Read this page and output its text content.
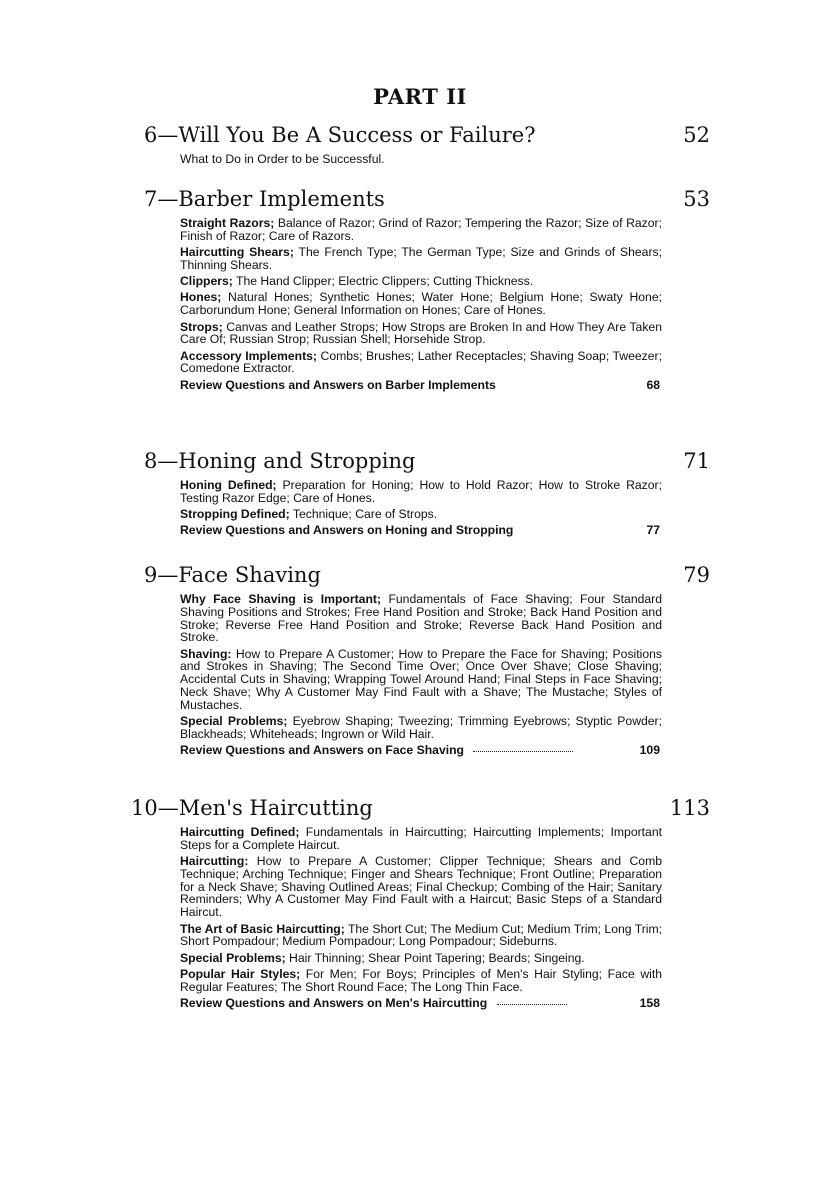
PART II
6—Will You Be A Success or Failure?	52
What to Do in Order to be Successful.
7—Barber Implements	53
Straight Razors; Balance of Razor; Grind of Razor; Tempering the Razor; Size of Razor; Finish of Razor; Care of Razors.
Haircutting Shears; The French Type; The German Type; Size and Grinds of Shears; Thinning Shears.
Clippers; The Hand Clipper; Electric Clippers; Cutting Thickness.
Hones; Natural Hones; Synthetic Hones; Water Hone; Belgium Hone; Swaty Hone; Carborundum Hone; General Information on Hones; Care of Hones.
Strops; Canvas and Leather Strops; How Strops are Broken In and How They Are Taken Care Of; Russian Strop; Russian Shell; Horsehide Strop.
Accessory Implements; Combs; Brushes; Lather Receptacles; Shaving Soap; Tweezer; Comedone Extractor.
Review Questions and Answers on Barber Implements	68
8—Honing and Stropping	71
Honing Defined; Preparation for Honing; How to Hold Razor; How to Stroke Razor; Testing Razor Edge; Care of Hones.
Stropping Defined; Technique; Care of Strops.
Review Questions and Answers on Honing and Stropping	77
9—Face Shaving	79
Why Face Shaving is Important; Fundamentals of Face Shaving; Four Standard Shaving Positions and Strokes; Free Hand Position and Stroke; Back Hand Position and Stroke; Reverse Free Hand Position and Stroke; Reverse Back Hand Position and Stroke.
Shaving: How to Prepare A Customer; How to Prepare the Face for Shaving; Positions and Strokes in Shaving; The Second Time Over; Once Over Shave; Close Shaving; Accidental Cuts in Shaving; Wrapping Towel Around Hand; Final Steps in Face Shaving; Neck Shave; Why A Customer May Find Fault with a Shave; The Mustache; Styles of Mustaches.
Special Problems; Eyebrow Shaping; Tweezing; Trimming Eyebrows; Styptic Powder; Blackheads; Whiteheads; Ingrown or Wild Hair.
Review Questions and Answers on Face Shaving	109
10—Men's Haircutting	113
Haircutting Defined; Fundamentals in Haircutting; Haircutting Implements; Important Steps for a Complete Haircut.
Haircutting: How to Prepare A Customer; Clipper Technique; Shears and Comb Technique; Arching Technique; Finger and Shears Technique; Front Outline; Preparation for a Neck Shave; Shaving Outlined Areas; Final Checkup; Combing of the Hair; Sanitary Reminders; Why A Customer May Find Fault with a Haircut; Basic Steps of a Standard Haircut.
The Art of Basic Haircutting; The Short Cut; The Medium Cut; Medium Trim; Long Trim; Short Pompadour; Medium Pompadour; Long Pompadour; Sideburns.
Special Problems; Hair Thinning; Shear Point Tapering; Beards; Singeing.
Popular Hair Styles; For Men; For Boys; Principles of Men's Hair Styling; Face with Regular Features; The Short Round Face; The Long Thin Face.
Review Questions and Answers on Men's Haircutting	158
